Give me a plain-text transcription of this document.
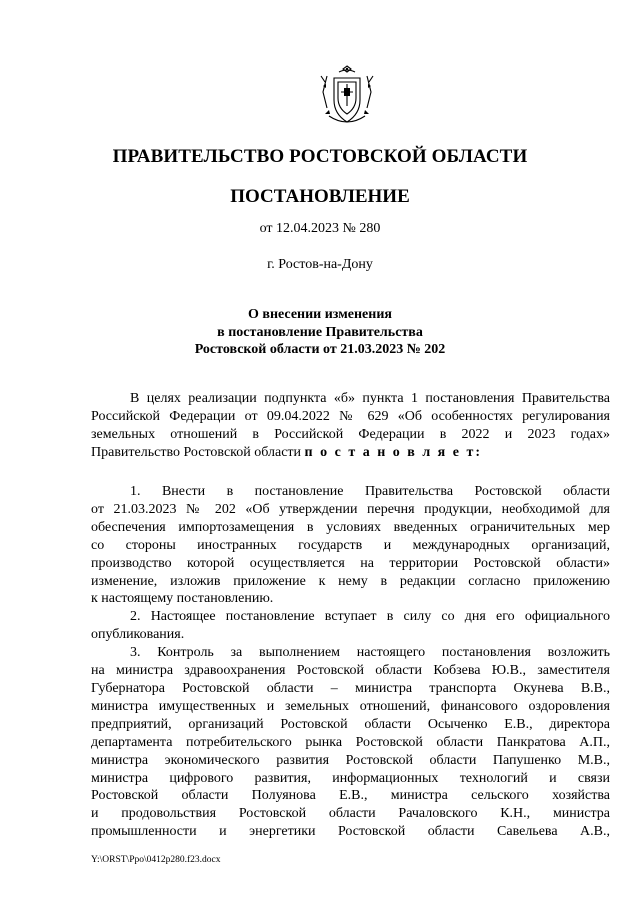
ПРАВИТЕЛЬСТВО РОСТОВСКОЙ ОБЛАСТИ
ПОСТАНОВЛЕНИЕ
от 12.04.2023 № 280
г. Ростов-на-Дону
О внесении изменения
в постановление Правительства
Ростовской области от 21.03.2023 № 202
В целях реализации подпункта «б» пункта 1 постановления Правительства
Российской Федерации от 09.04.2022 № 629 «Об особенностях регулирования
земельных отношений в Российской Федерации в 2022 и 2023 годах»
Правительство Ростовской области п о с т а н о в л я е т:
1. Внести в постановление Правительства Ростовской области
от 21.03.2023 № 202 «Об утверждении перечня продукции, необходимой для
обеспечения импортозамещения в условиях введенных ограничительных мер
со стороны иностранных государств и международных организаций,
производство которой осуществляется на территории Ростовской области»
изменение, изложив приложение к нему в редакции согласно приложению
к настоящему постановлению.
2. Настоящее постановление вступает в силу со дня его официального
опубликования.
3. Контроль за выполнением настоящего постановления возложить
на министра здравоохранения Ростовской области Кобзева Ю.В., заместителя
Губернатора Ростовской области – министра транспорта Окунева В.В.,
министра имущественных и земельных отношений, финансового оздоровления
предприятий, организаций Ростовской области Осыченко Е.В., директора
департамента потребительского рынка Ростовской области Панкратова А.П.,
министра экономического развития Ростовской области Папушенко М.В.,
министра цифрового развития, информационных технологий и связи
Ростовской области Полуянова Е.В., министра сельского хозяйства
и продовольствия Ростовской области Рачаловского К.Н., министра
промышленности и энергетики Ростовской области Савельева А.В.,
Y:\ORST\Ppo\0412p280.f23.docx
